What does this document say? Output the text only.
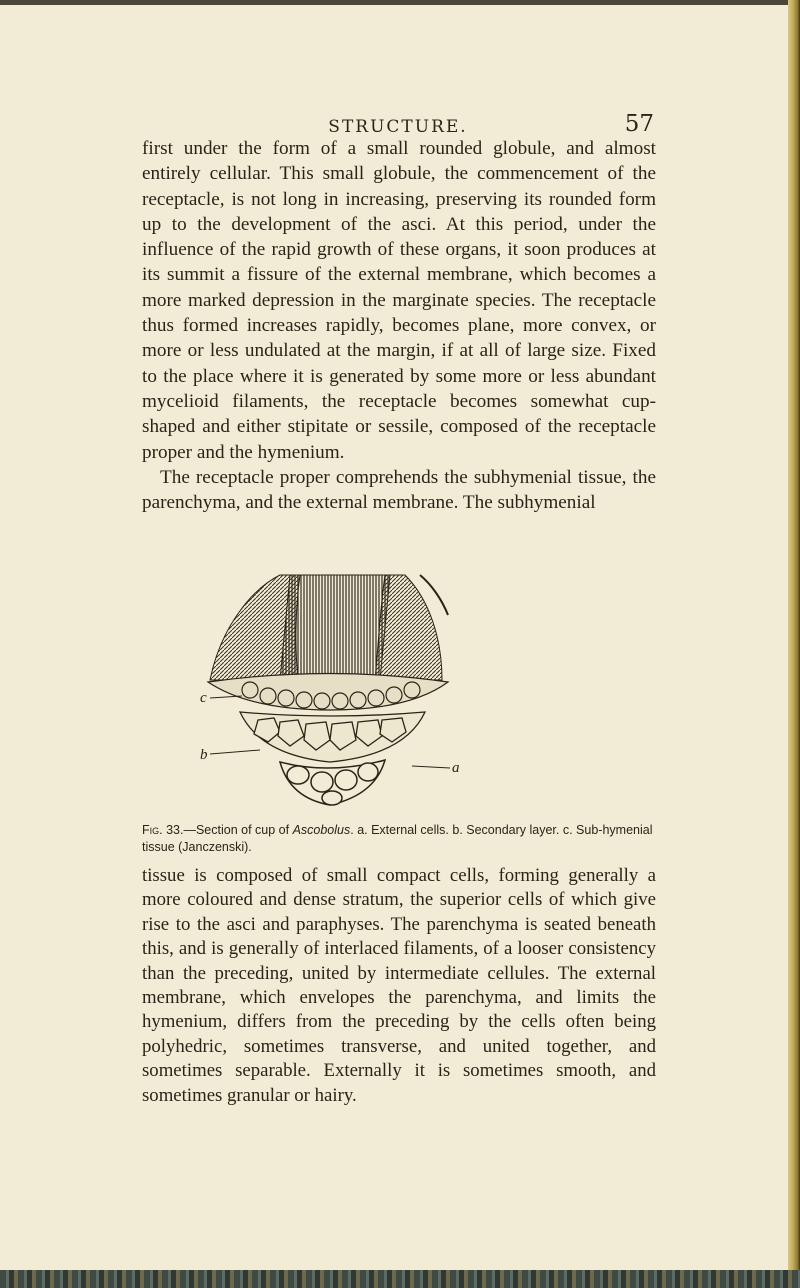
STRUCTURE.	57

first under the form of a small rounded globule, and almost entirely cellular. This small globule, the commencement of the receptacle, is not long in increasing, preserving its rounded form up to the development of the asci. At this period, under the influence of the rapid growth of these organs, it soon produces at its summit a fissure of the external membrane, which becomes a more marked depression in the marginate species. The receptacle thus formed increases rapidly, becomes plane, more convex, or more or less undulated at the margin, if at all of large size. Fixed to the place where it is generated by some more or less abundant mycelioid filaments, the receptacle becomes somewhat cup-shaped and either stipitate or sessile, composed of the receptacle proper and the hymenium.

The receptacle proper comprehends the subhymenial tissue, the parenchyma, and the external membrane. The subhymenial

c
b
a
Fig. 33.—Section of cup of Ascobolus. a. External cells. b. Secondary layer. c. Sub-hymenial tissue (Janczenski).

tissue is composed of small compact cells, forming generally a more coloured and dense stratum, the superior cells of which give rise to the asci and paraphyses. The parenchyma is seated beneath this, and is generally of interlaced filaments, of a looser consistency than the preceding, united by intermediate cellules. The external membrane, which envelopes the parenchyma, and limits the hymenium, differs from the preceding by the cells often being polyhedric, sometimes transverse, and united together, and sometimes separable. Externally it is sometimes smooth, and sometimes granular or hairy.
